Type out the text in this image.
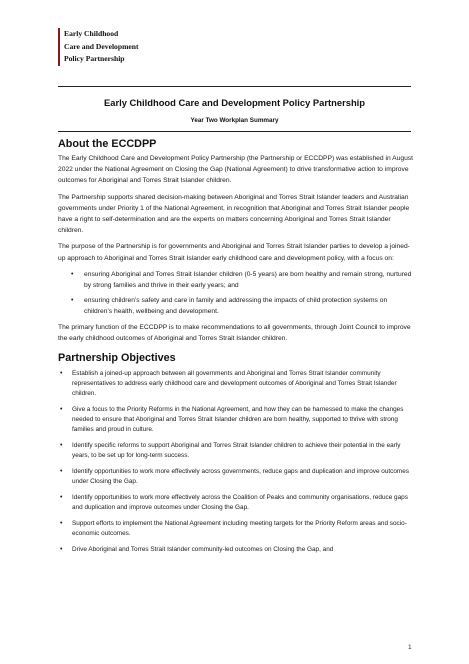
Early Childhood
Care and Development
Policy Partnership
Early Childhood Care and Development Policy Partnership
Year Two Workplan Summary
About the ECCDPP

The Early Childhood Care and Development Policy Partnership (the Partnership or ECCDPP) was established in August 2022 under the National Agreement on Closing the Gap (National Agreement) to drive transformative action to improve outcomes for Aboriginal and Torres Strait Islander children.

The Partnership supports shared decision-making between Aboriginal and Torres Strait Islander leaders and Australian governments under Priority 1 of the National Agreement, in recognition that Aboriginal and Torres Strait Islander people have a right to self-determination and are the experts on matters concerning Aboriginal and Torres Strait Islander children.

The purpose of the Partnership is for governments and Aboriginal and Torres Strait Islander parties to develop a joined-up approach to Aboriginal and Torres Strait Islander early childhood care and development policy, with a focus on:

• ensuring Aboriginal and Torres Strait Islander children (0-5 years) are born healthy and remain strong, nurtured by strong families and thrive in their early years; and
• ensuring children’s safety and care in family and addressing the impacts of child protection systems on children’s health, wellbeing and development.

The primary function of the ECCDPP is to make recommendations to all governments, through Joint Council to improve the early childhood outcomes of Aboriginal and Torres Strait Islander children.

Partnership Objectives
• Establish a joined-up approach between all governments and Aboriginal and Torres Strait Islander community representatives to address early childhood care and development outcomes of Aboriginal and Torres Strait Islander children.
• Give a focus to the Priority Reforms in the National Agreement, and how they can be harnessed to make the changes needed to ensure that Aboriginal and Torres Strait Islander children are born healthy, supported to thrive with strong families and proud in culture.
• Identify specific reforms to support Aboriginal and Torres Strait Islander children to achieve their potential in the early years, to be set up for long-term success.
• Identify opportunities to work more effectively across governments, reduce gaps and duplication and improve outcomes under Closing the Gap.
• Identify opportunities to work more effectively across the Coalition of Peaks and community organisations, reduce gaps and duplication and improve outcomes under Closing the Gap.
• Support efforts to implement the National Agreement including meeting targets for the Priority Reform areas and socio-economic outcomes.
• Drive Aboriginal and Torres Strait Islander community-led outcomes on Closing the Gap, and
1
